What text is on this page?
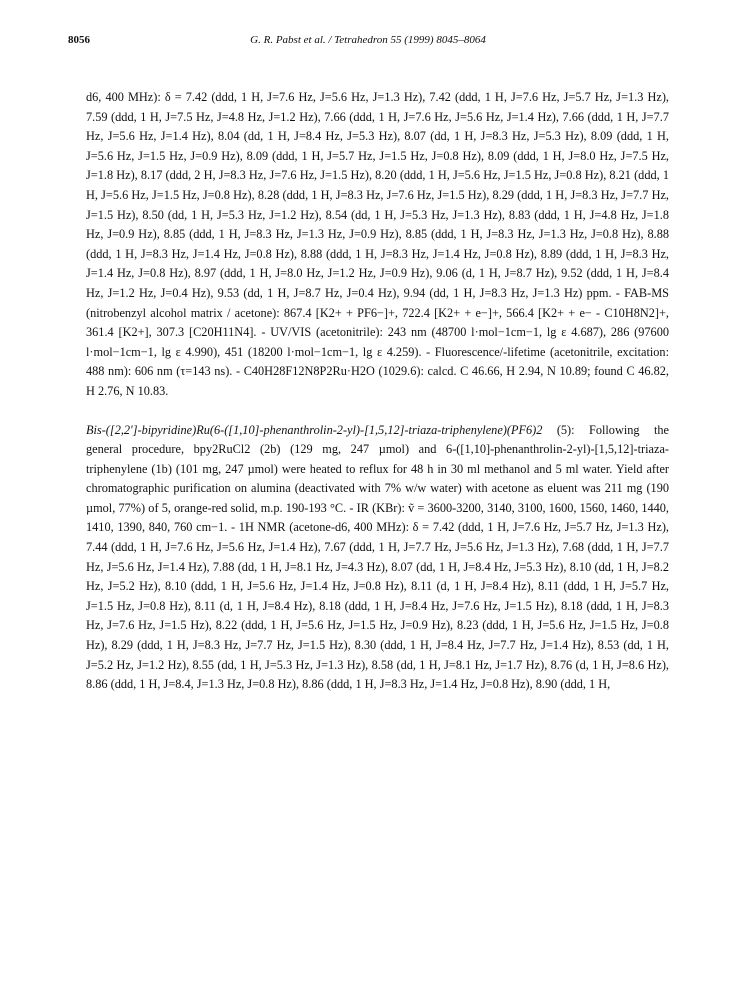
8056	G. R. Pabst et al. / Tetrahedron 55 (1999) 8045–8064

d6, 400 MHz): δ = 7.42 (ddd, 1 H, J=7.6 Hz, J=5.6 Hz, J=1.3 Hz), 7.42 (ddd, 1 H, J=7.6 Hz, J=5.7 Hz, J=1.3 Hz), 7.59 (ddd, 1 H, J=7.5 Hz, J=4.8 Hz, J=1.2 Hz), 7.66 (ddd, 1 H, J=7.6 Hz, J=5.6 Hz, J=1.4 Hz), 7.66 (ddd, 1 H, J=7.7 Hz, J=5.6 Hz, J=1.4 Hz), 8.04 (dd, 1 H, J=8.4 Hz, J=5.3 Hz), 8.07 (dd, 1 H, J=8.3 Hz, J=5.3 Hz), 8.09 (ddd, 1 H, J=5.6 Hz, J=1.5 Hz, J=0.9 Hz), 8.09 (ddd, 1 H, J=5.7 Hz, J=1.5 Hz, J=0.8 Hz), 8.09 (ddd, 1 H, J=8.0 Hz, J=7.5 Hz, J=1.8 Hz), 8.17 (ddd, 2 H, J=8.3 Hz, J=7.6 Hz, J=1.5 Hz), 8.20 (ddd, 1 H, J=5.6 Hz, J=1.5 Hz, J=0.8 Hz), 8.21 (ddd, 1 H, J=5.6 Hz, J=1.5 Hz, J=0.8 Hz), 8.28 (ddd, 1 H, J=8.3 Hz, J=7.6 Hz, J=1.5 Hz), 8.29 (ddd, 1 H, J=8.3 Hz, J=7.7 Hz, J=1.5 Hz), 8.50 (dd, 1 H, J=5.3 Hz, J=1.2 Hz), 8.54 (dd, 1 H, J=5.3 Hz, J=1.3 Hz), 8.83 (ddd, 1 H, J=4.8 Hz, J=1.8 Hz, J=0.9 Hz), 8.85 (ddd, 1 H, J=8.3 Hz, J=1.3 Hz, J=0.9 Hz), 8.85 (ddd, 1 H, J=8.3 Hz, J=1.3 Hz, J=0.8 Hz), 8.88 (ddd, 1 H, J=8.3 Hz, J=1.4 Hz, J=0.8 Hz), 8.88 (ddd, 1 H, J=8.3 Hz, J=1.4 Hz, J=0.8 Hz), 8.89 (ddd, 1 H, J=8.3 Hz, J=1.4 Hz, J=0.8 Hz), 8.97 (ddd, 1 H, J=8.0 Hz, J=1.2 Hz, J=0.9 Hz), 9.06 (d, 1 H, J=8.7 Hz), 9.52 (ddd, 1 H, J=8.4 Hz, J=1.2 Hz, J=0.4 Hz), 9.53 (dd, 1 H, J=8.7 Hz, J=0.4 Hz), 9.94 (dd, 1 H, J=8.3 Hz, J=1.3 Hz) ppm. - FAB-MS (nitrobenzyl alcohol matrix / acetone): 867.4 [K2+ + PF6−]+, 722.4 [K2+ + e−]+, 566.4 [K2+ + e− - C10H8N2]+, 361.4 [K2+], 307.3 [C20H11N4]. - UV/VIS (acetonitrile): 243 nm (48700 l·mol−1cm−1, lg ε 4.687), 286 (97600 l·mol−1cm−1, lg ε 4.990), 451 (18200 l·mol−1cm−1, lg ε 4.259). - Fluorescence/-lifetime (acetonitrile, excitation: 488 nm): 606 nm (τ=143 ns). - C40H28F12N8P2Ru·H2O (1029.6): calcd. C 46.66, H 2.94, N 10.89; found C 46.82, H 2.76, N 10.83.

Bis-([2,2']-bipyridine)Ru(6-([1,10]-phenanthrolin-2-yl)-[1,5,12]-triaza-triphenylene)(PF6)2 (5): Following the general procedure, bpy2RuCl2 (2b) (129 mg, 247 µmol) and 6-([1,10]-phenanthrolin-2-yl)-[1,5,12]-triaza-triphenylene (1b) (101 mg, 247 µmol) were heated to reflux for 48 h in 30 ml methanol and 5 ml water. Yield after chromatographic purification on alumina (deactivated with 7% w/w water) with acetone as eluent was 211 mg (190 µmol, 77%) of 5, orange-red solid, m.p. 190-193 °C. - IR (KBr): ṽ = 3600-3200, 3140, 3100, 1600, 1560, 1460, 1440, 1410, 1390, 840, 760 cm−1. - 1H NMR (acetone-d6, 400 MHz): δ = 7.42 (ddd, 1 H, J=7.6 Hz, J=5.7 Hz, J=1.3 Hz), 7.44 (ddd, 1 H, J=7.6 Hz, J=5.6 Hz, J=1.4 Hz), 7.67 (ddd, 1 H, J=7.7 Hz, J=5.6 Hz, J=1.3 Hz), 7.68 (ddd, 1 H, J=7.7 Hz, J=5.6 Hz, J=1.4 Hz), 7.88 (dd, 1 H, J=8.1 Hz, J=4.3 Hz), 8.07 (dd, 1 H, J=8.4 Hz, J=5.3 Hz), 8.10 (dd, 1 H, J=8.2 Hz, J=5.2 Hz), 8.10 (ddd, 1 H, J=5.6 Hz, J=1.4 Hz, J=0.8 Hz), 8.11 (d, 1 H, J=8.4 Hz), 8.11 (ddd, 1 H, J=5.7 Hz, J=1.5 Hz, J=0.8 Hz), 8.11 (d, 1 H, J=8.4 Hz), 8.18 (ddd, 1 H, J=8.4 Hz, J=7.6 Hz, J=1.5 Hz), 8.18 (ddd, 1 H, J=8.3 Hz, J=7.6 Hz, J=1.5 Hz), 8.22 (ddd, 1 H, J=5.6 Hz, J=1.5 Hz, J=0.9 Hz), 8.23 (ddd, 1 H, J=5.6 Hz, J=1.5 Hz, J=0.8 Hz), 8.29 (ddd, 1 H, J=8.3 Hz, J=7.7 Hz, J=1.5 Hz), 8.30 (ddd, 1 H, J=8.4 Hz, J=7.7 Hz, J=1.4 Hz), 8.53 (dd, 1 H, J=5.2 Hz, J=1.2 Hz), 8.55 (dd, 1 H, J=5.3 Hz, J=1.3 Hz), 8.58 (dd, 1 H, J=8.1 Hz, J=1.7 Hz), 8.76 (d, 1 H, J=8.6 Hz), 8.86 (ddd, 1 H, J=8.4, J=1.3 Hz, J=0.8 Hz), 8.86 (ddd, 1 H, J=8.3 Hz, J=1.4 Hz, J=0.8 Hz), 8.90 (ddd, 1 H,
